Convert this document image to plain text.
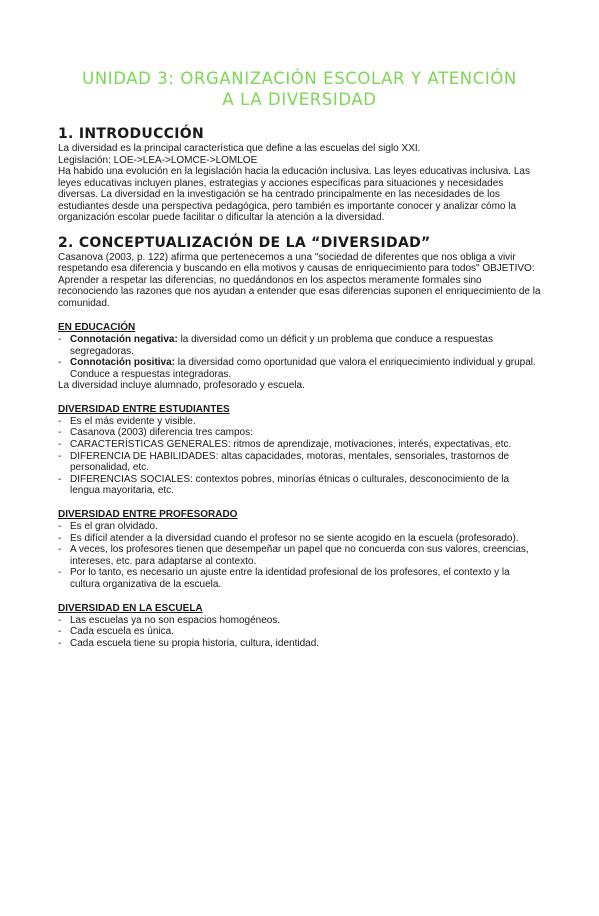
UNIDAD 3: ORGANIZACIÓN ESCOLAR Y ATENCIÓN A LA DIVERSIDAD
1. INTRODUCCIÓN

La diversidad es la principal característica que define a las escuelas del siglo XXI.

Legislación: LOE->LEA->LOMCE->LOMLOE

Ha habido una evolución en la legislación hacia la educación inclusiva. Las leyes educativas inclusiva. Las leyes educativas incluyen planes, estrategias y acciones específicas para situaciones y necesidades diversas. La diversidad en la investigación se ha centrado principalmente en las necesidades de los estudiantes desde una perspectiva pedagógica, pero también es importante conocer y analizar cómo la organización escolar puede facilitar o dificultar la atención a la diversidad.

2. CONCEPTUALIZACIÓN DE LA “DIVERSIDAD”

Casanova (2003, p. 122) afirma que pertenecemos a una "sociedad de diferentes que nos obliga a vivir respetando esa diferencia y buscando en ella motivos y causas de enriquecimiento para todos" OBJETIVO: Aprender a respetar las diferencias, no quedándonos en los aspectos meramente formales sino reconociendo las razones que nos ayudan a entender que esas diferencias suponen el enriquecimiento de la comunidad.

EN EDUCACIÓN
- Connotación negativa: la diversidad como un déficit y un problema que conduce a respuestas segregadoras.
- Connotación positiva: la diversidad como oportunidad que valora el enriquecimiento individual y grupal. Conduce a respuestas integradoras.

La diversidad incluye alumnado, profesorado y escuela.

DIVERSIDAD ENTRE ESTUDIANTES
- Es el más evidente y visible.
- Casanova (2003) diferencia tres campos:
- CARACTERÍSTICAS GENERALES: ritmos de aprendizaje, motivaciones, interés, expectativas, etc.
- DIFERENCIA DE HABILIDADES: altas capacidades, motoras, mentales, sensoriales, trastornos de personalidad, etc.
- DIFERENCIAS SOCIALES: contextos pobres, minorías étnicas o culturales, desconocimiento de la lengua mayoritaria, etc.
DIVERSIDAD ENTRE PROFESORADO
- Es el gran olvidado.
- Es difícil atender a la diversidad cuando el profesor no se siente acogido en la escuela (profesorado).
- A veces, los profesores tienen que desempeñar un papel que no concuerda con sus valores, creencias, intereses, etc. para adaptarse al contexto.
- Por lo tanto, es necesario un ajuste entre la identidad profesional de los profesores, el contexto y la cultura organizativa de la escuela.
DIVERSIDAD EN LA ESCUELA
- Las escuelas ya no son espacios homogéneos.
- Cada escuela es única.
- Cada escuela tiene su propia historia, cultura, identidad.
